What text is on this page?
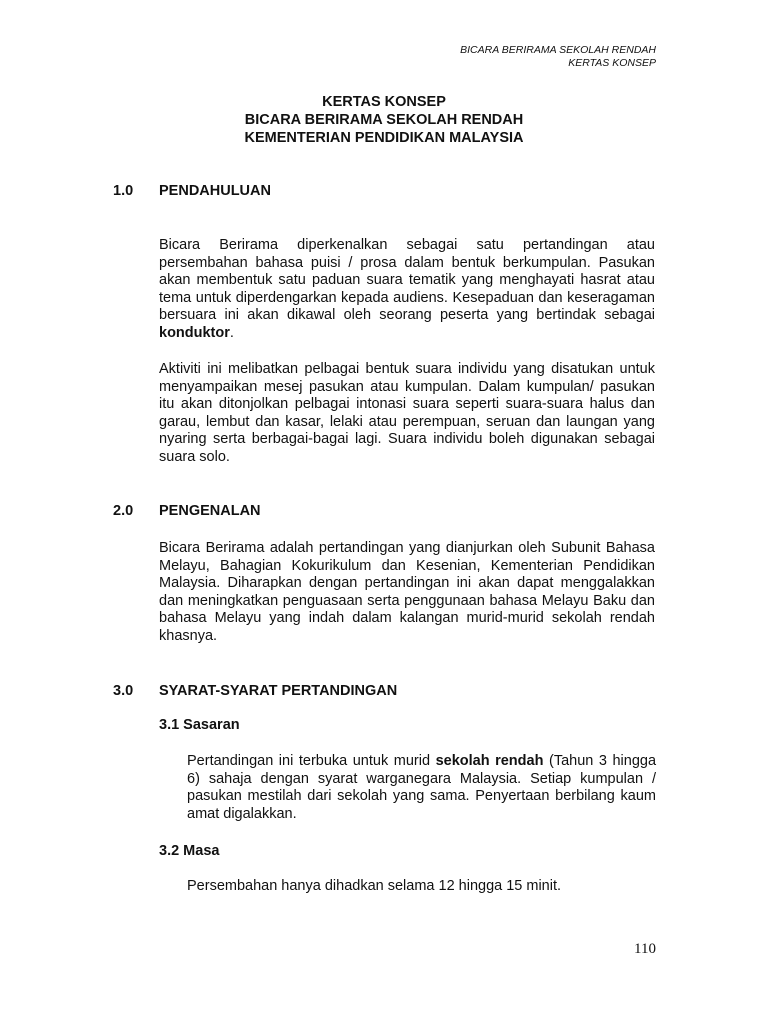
BICARA BERIRAMA SEKOLAH RENDAH
KERTAS KONSEP
KERTAS KONSEP
BICARA BERIRAMA SEKOLAH RENDAH
KEMENTERIAN PENDIDIKAN MALAYSIA
1.0 PENDAHULUAN
Bicara Berirama diperkenalkan sebagai satu pertandingan atau persembahan bahasa puisi / prosa dalam bentuk berkumpulan. Pasukan akan membentuk satu paduan suara tematik yang menghayati hasrat atau tema untuk diperdengarkan kepada audiens. Kesepaduan dan keseragaman bersuara ini akan dikawal oleh seorang peserta yang bertindak sebagai konduktor.
Aktiviti ini melibatkan pelbagai bentuk suara individu yang disatukan untuk menyampaikan mesej pasukan atau kumpulan. Dalam kumpulan/ pasukan itu akan ditonjolkan pelbagai intonasi suara seperti suara-suara halus dan garau, lembut dan kasar, lelaki atau perempuan, seruan dan laungan yang nyaring serta berbagai-bagai lagi. Suara individu boleh digunakan sebagai suara solo.
2.0 PENGENALAN
Bicara Berirama adalah pertandingan yang dianjurkan oleh Subunit Bahasa Melayu, Bahagian Kokurikulum dan Kesenian, Kementerian Pendidikan Malaysia. Diharapkan dengan pertandingan ini akan dapat menggalakkan dan meningkatkan penguasaan serta penggunaan bahasa Melayu Baku dan bahasa Melayu yang indah dalam kalangan murid-murid sekolah rendah khasnya.
3.0 SYARAT-SYARAT PERTANDINGAN
3.1 Sasaran
Pertandingan ini terbuka untuk murid sekolah rendah (Tahun 3 hingga 6) sahaja dengan syarat warganegara Malaysia. Setiap kumpulan / pasukan mestilah dari sekolah yang sama. Penyertaan berbilang kaum amat digalakkan.
3.2 Masa
Persembahan hanya dihadkan selama 12 hingga 15 minit.
110
